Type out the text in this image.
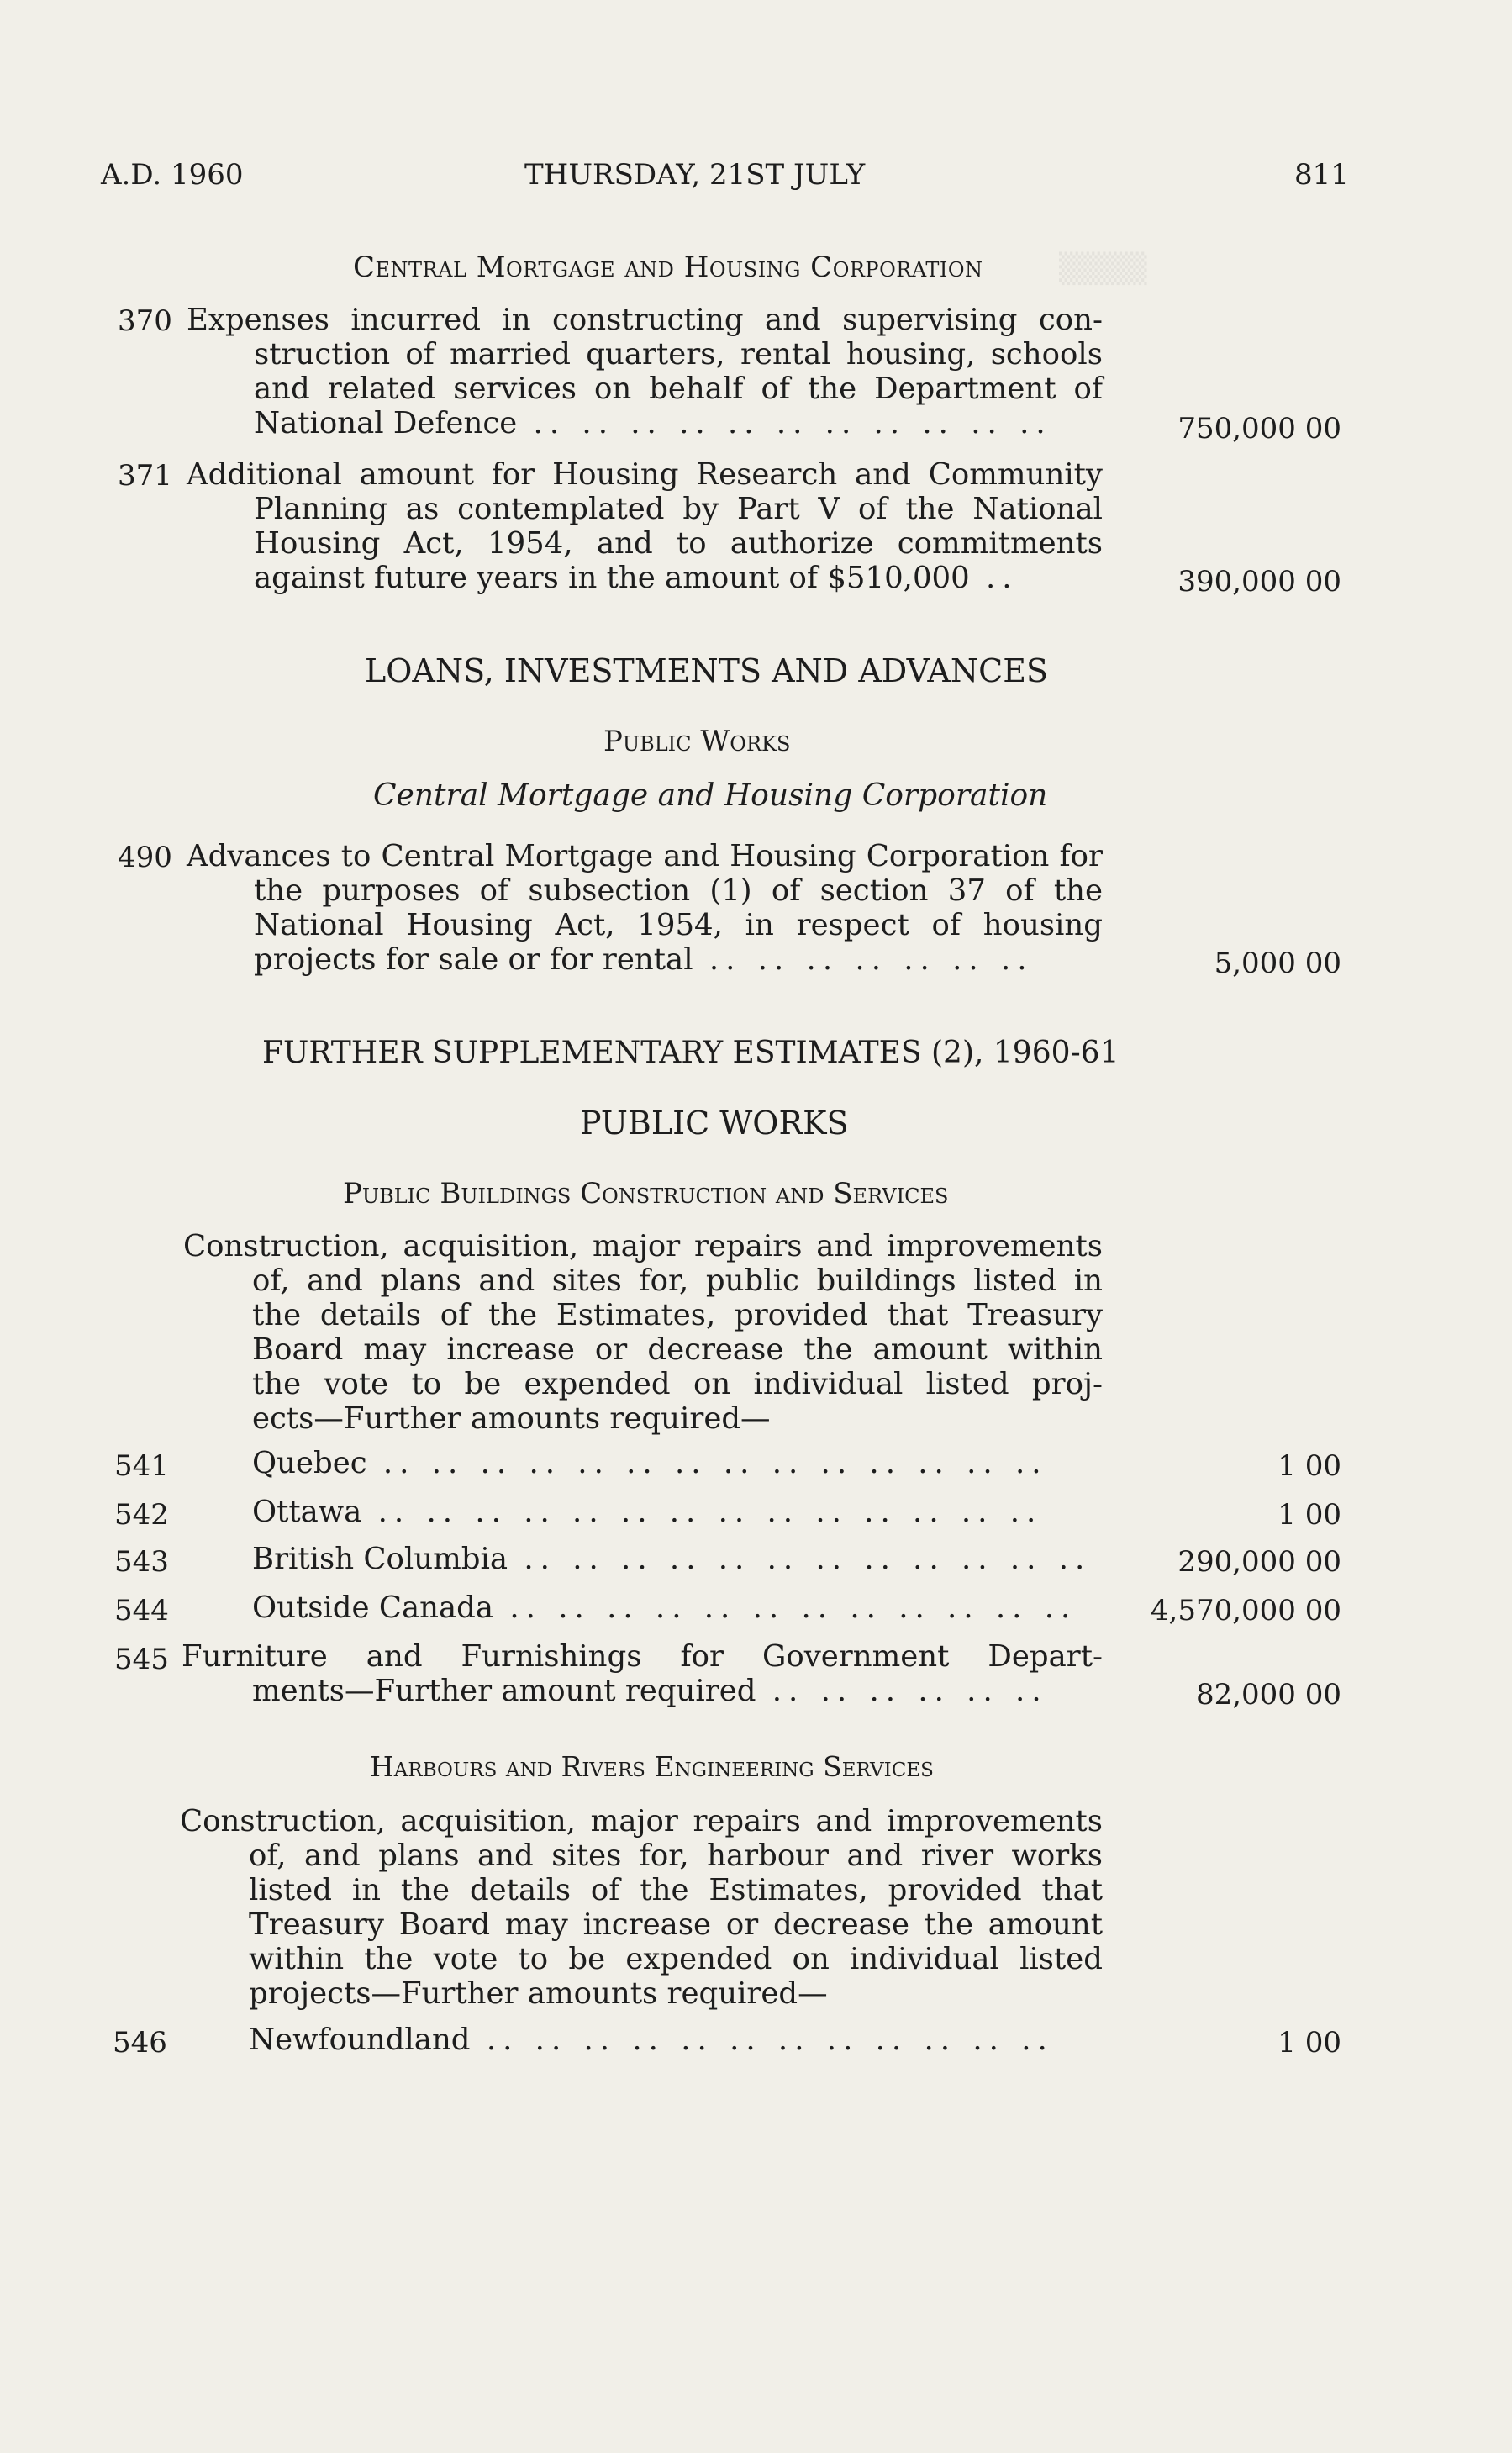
▒▒▒▒
A.D. 1960	THURSDAY, 21ST JULY	811
Central Mortgage and Housing Corporation
370 Expenses incurred in constructing and supervising con-
struction of married quarters, rental housing, schools
and related services on behalf of the Department of
National Defence .. .. .. .. .. .. .. .. .. .. ..	750,000 00
371 Additional amount for Housing Research and Community
Planning as contemplated by Part V of the National
Housing Act, 1954, and to authorize commitments
against future years in the amount of $510,000 ..	390,000 00
LOANS, INVESTMENTS AND ADVANCES
Public Works
Central Mortgage and Housing Corporation
490 Advances to Central Mortgage and Housing Corporation for
the purposes of subsection (1) of section 37 of the
National Housing Act, 1954, in respect of housing
projects for sale or for rental .. .. .. .. .. .. ..	5,000 00
FURTHER SUPPLEMENTARY ESTIMATES (2), 1960-61
PUBLIC WORKS
Public Buildings Construction and Services
Construction, acquisition, major repairs and improvements
of, and plans and sites for, public buildings listed in
the details of the Estimates, provided that Treasury
Board may increase or decrease the amount within
the vote to be expended on individual listed proj-
ects—Further amounts required—
541	Quebec .. .. .. .. .. .. .. .. .. .. .. .. .. ..	1 00
542	Ottawa .. .. .. .. .. .. .. .. .. .. .. .. .. ..	1 00
543	British Columbia .. .. .. .. .. .. .. .. .. .. .. ..	290,000 00
544	Outside Canada .. .. .. .. .. .. .. .. .. .. .. ..	4,570,000 00
545 Furniture and Furnishings for Government Depart-
ments—Further amount required .. .. .. .. .. ..	82,000 00
Harbours and Rivers Engineering Services
Construction, acquisition, major repairs and improvements
of, and plans and sites for, harbour and river works
listed in the details of the Estimates, provided that
Treasury Board may increase or decrease the amount
within the vote to be expended on individual listed
projects—Further amounts required—
546	Newfoundland .. .. .. .. .. .. .. .. .. .. .. ..	1 00
